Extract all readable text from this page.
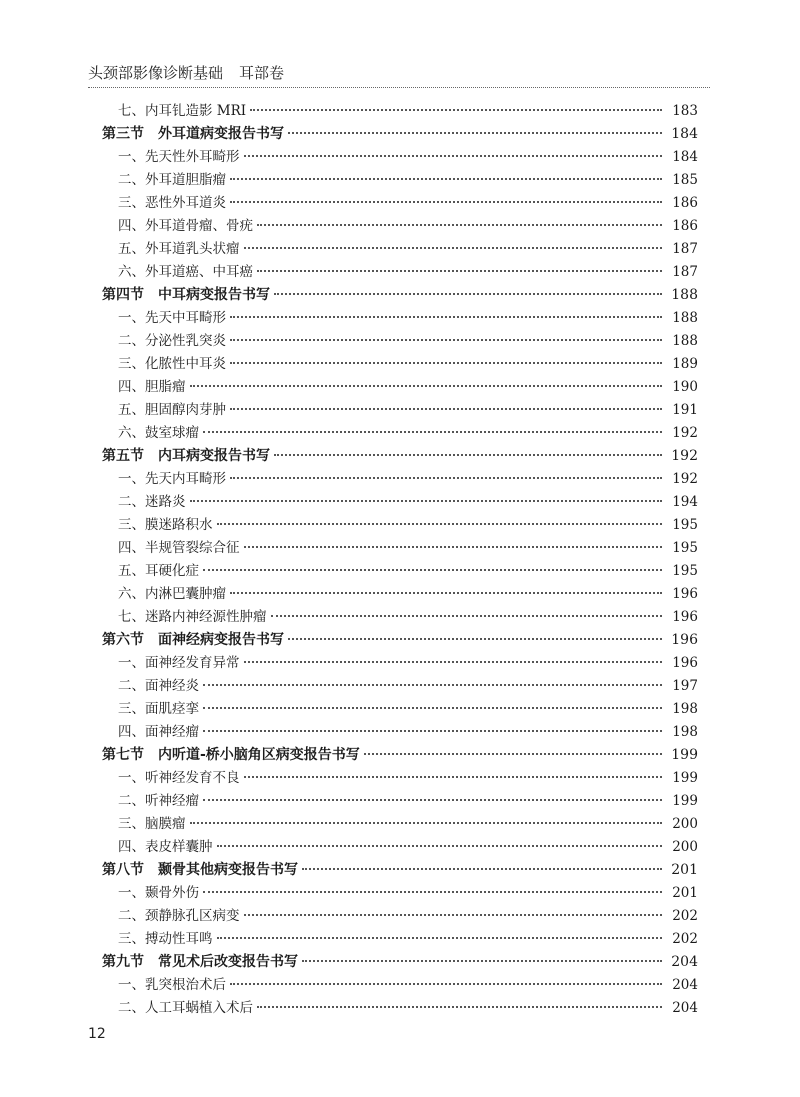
头颈部影像诊断基础 耳部卷
七、内耳钆造影 MRI	183
第三节　外耳道病变报告书写	184
一、先天性外耳畸形	184
二、外耳道胆脂瘤	185
三、恶性外耳道炎	186
四、外耳道骨瘤、骨疣	186
五、外耳道乳头状瘤	187
六、外耳道癌、中耳癌	187
第四节　中耳病变报告书写	188
一、先天中耳畸形	188
二、分泌性乳突炎	188
三、化脓性中耳炎	189
四、胆脂瘤	190
五、胆固醇肉芽肿	191
六、鼓室球瘤	192
第五节　内耳病变报告书写	192
一、先天内耳畸形	192
二、迷路炎	194
三、膜迷路积水	195
四、半规管裂综合征	195
五、耳硬化症	195
六、内淋巴囊肿瘤	196
七、迷路内神经源性肿瘤	196
第六节　面神经病变报告书写	196
一、面神经发育异常	196
二、面神经炎	197
三、面肌痉挛	198
四、面神经瘤	198
第七节　内听道-桥小脑角区病变报告书写	199
一、听神经发育不良	199
二、听神经瘤	199
三、脑膜瘤	200
四、表皮样囊肿	200
第八节　颞骨其他病变报告书写	201
一、颞骨外伤	201
二、颈静脉孔区病变	202
三、搏动性耳鸣	202
第九节　常见术后改变报告书写	204
一、乳突根治术后	204
二、人工耳蜗植入术后	204
12
